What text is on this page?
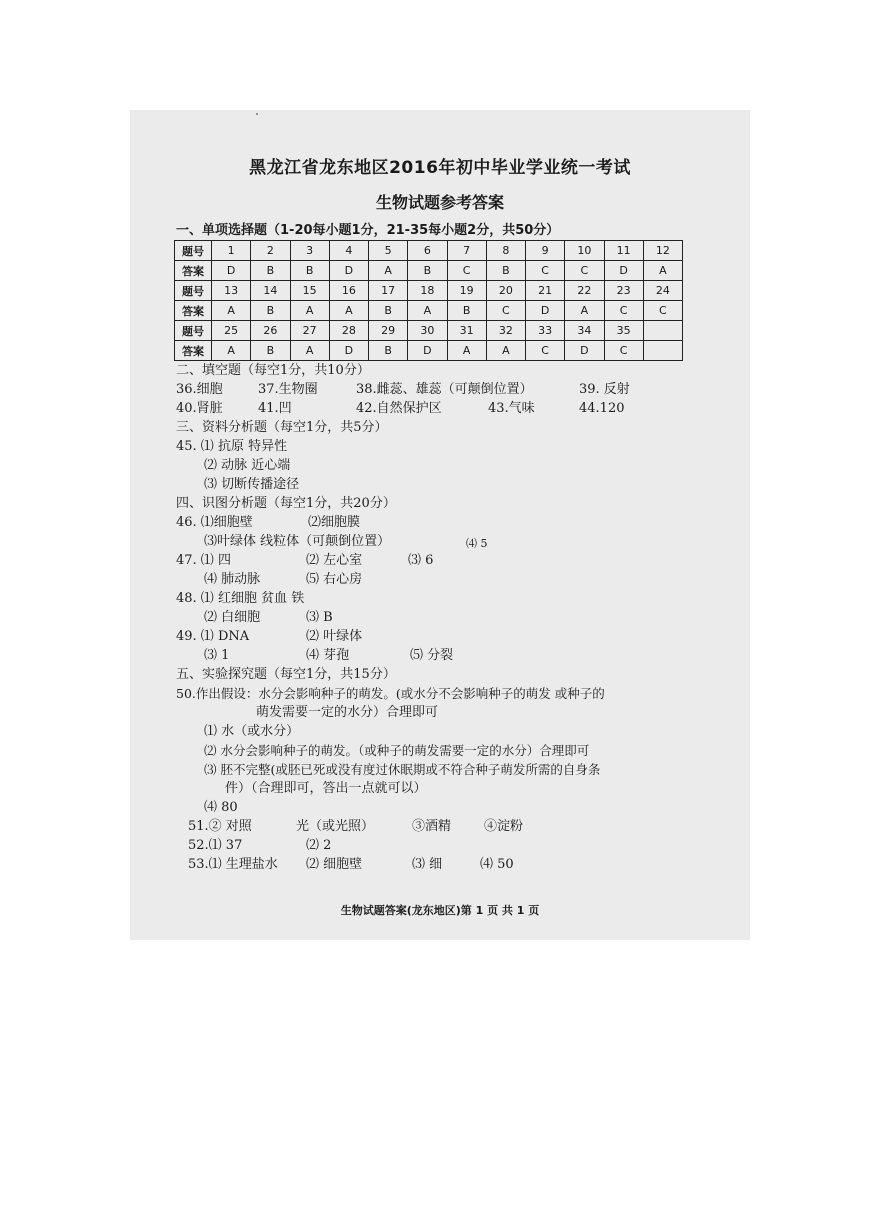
黑龙江省龙东地区2016年初中毕业学业统一考试
生物试题参考答案
一、单项选择题（1-20每小题1分，21-35每小题2分，共50分）
题号	1	2	3	4	5	6	7	8	9	10	11	12
答案	D	B	B	D	A	B	C	B	C	C	D	A
题号	13	14	15	16	17	18	19	20	21	22	23	24
答案	A	B	A	A	B	A	B	C	D	A	C	C
题号	25	26	27	28	29	30	31	32	33	34	35	
答案	A	B	A	D	B	D	A	A	C	D	C	
二、填空题（每空1分，共10分）
36.细胞	37.生物圈	38.雌蕊、雄蕊（可颠倒位置）	39. 反射
40.肾脏	41.凹	42.自然保护区	43.气味	44.120
三、资料分析题（每空1分，共5分）
45. ⑴ 抗原 特异性
⑵ 动脉 近心端
⑶ 切断传播途径
四、识图分析题（每空1分，共20分）
46. ⑴细胞壁	⑵细胞膜
⑶叶绿体 线粒体（可颠倒位置）	⑷ 5
47. ⑴ 四	⑵ 左心室	⑶ 6
⑷ 肺动脉	⑸ 右心房
48. ⑴ 红细胞 贫血 铁
⑵ 白细胞	⑶ B
49. ⑴ DNA	⑵ 叶绿体
⑶ 1	⑷ 芽孢	⑸ 分裂
五、实验探究题（每空1分，共15分）
50.作出假设：水分会影响种子的萌发。(或水分不会影响种子的萌发 或种子的
萌发需要一定的水分）合理即可
⑴ 水（或水分）
⑵ 水分会影响种子的萌发。（或种子的萌发需要一定的水分）合理即可
⑶ 胚不完整(或胚已死或没有度过休眠期或不符合种子萌发所需的自身条
件）（合理即可，答出一点就可以）
⑷ 80
51.② 对照	光（或光照）	③酒精	④淀粉
52.⑴ 37	⑵ 2
53.⑴ 生理盐水 ⑵ 细胞壁	⑶ 细	⑷ 50
生物试题答案(龙东地区)第 1 页 共 1 页
